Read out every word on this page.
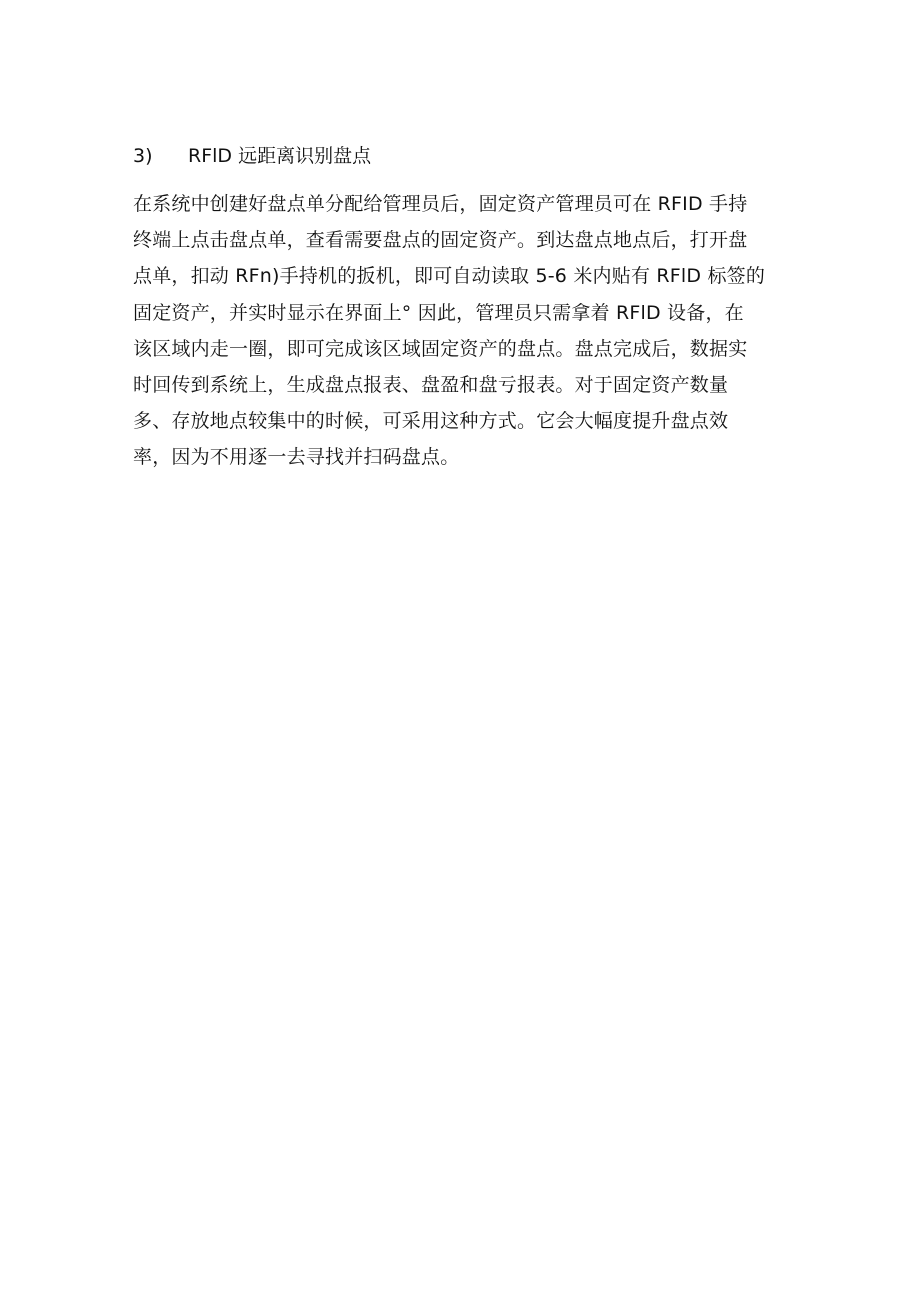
3) RFlD 远距离识别盘点
在系统中创建好盘点单分配给管理员后，固定资产管理员可在 RFID 手持
终端上点击盘点单，查看需要盘点的固定资产。到达盘点地点后，打开盘
点单，扣动 RFn)手持机的扳机，即可自动读取 5-6 米内贴有 RFlD 标签的
固定资产，并实时显示在界面上° 因此，管理员只需拿着 RFlD 设备，在
该区域内走一圈，即可完成该区域固定资产的盘点。盘点完成后，数据实
时回传到系统上，生成盘点报表、盘盈和盘亏报表。对于固定资产数量
多、存放地点较集中的时候，可采用这种方式。它会大幅度提升盘点效
率，因为不用逐一去寻找并扫码盘点。
